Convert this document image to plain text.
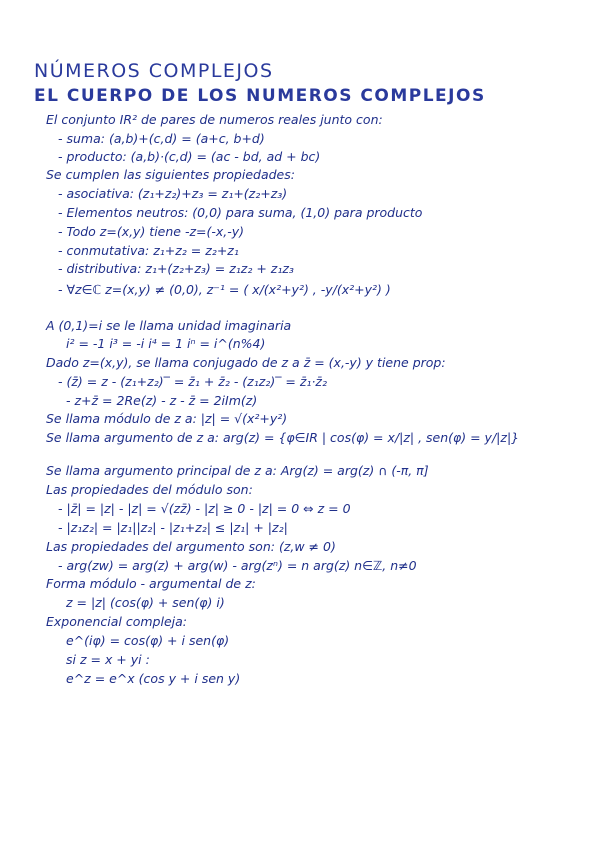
NÚMEROS COMPLEJOS
EL CUERPO DE LOS NUMEROS COMPLEJOS
El conjunto IR² de pares de numeros reales junto con:
- suma: (a,b)+(c,d) = (a+c, b+d)
- producto: (a,b)·(c,d) = (ac - bd, ad + bc)
Se cumplen las siguientes propiedades:
- asociativa: (z₁+z₂)+z₃ = z₁+(z₂+z₃)
- Elementos neutros: (0,0) para suma, (1,0) para producto
- Todo z=(x,y) tiene -z=(-x,-y)
- conmutativa: z₁+z₂ = z₂+z₁
- distributiva: z₁+(z₂+z₃) = z₁z₂ + z₁z₃
- ∀z∈ℂ z=(x,y) ≠ (0,0), z⁻¹ = ( x/(x²+y²) , -y/(x²+y²) )
A (0,1)=i se le llama unidad imaginaria
i² = -1 i³ = -i i⁴ = 1 iⁿ = i^(n%4)
Dado z=(x,y), se llama conjugado de z a z̄ = (x,-y) y tiene prop:
- (z̄̄) = z - (z₁+z₂)‾ = z̄₁ + z̄₂ - (z₁z₂)‾ = z̄₁·z̄₂
- z+z̄ = 2Re(z) - z - z̄ = 2iIm(z)
Se llama módulo de z a: |z| = √(x²+y²)
Se llama argumento de z a: arg(z) = {φ∈IR | cos(φ) = x/|z| , sen(φ) = y/|z|}
Se llama argumento principal de z a: Arg(z) = arg(z) ∩ (-π, π]
Las propiedades del módulo son:
- |z̄| = |z| - |z| = √(zz̄) - |z| ≥ 0 - |z| = 0 ⇔ z = 0
- |z₁z₂| = |z₁||z₂| - |z₁+z₂| ≤ |z₁| + |z₂|
Las propiedades del argumento son: (z,w ≠ 0)
- arg(zw) = arg(z) + arg(w) - arg(zⁿ) = n arg(z) n∈ℤ, n≠0
Forma módulo - argumental de z:
z = |z| (cos(φ) + sen(φ) i)
Exponencial compleja:
e^(iφ) = cos(φ) + i sen(φ)
si z = x + yi :
e^z = e^x (cos y + i sen y)
